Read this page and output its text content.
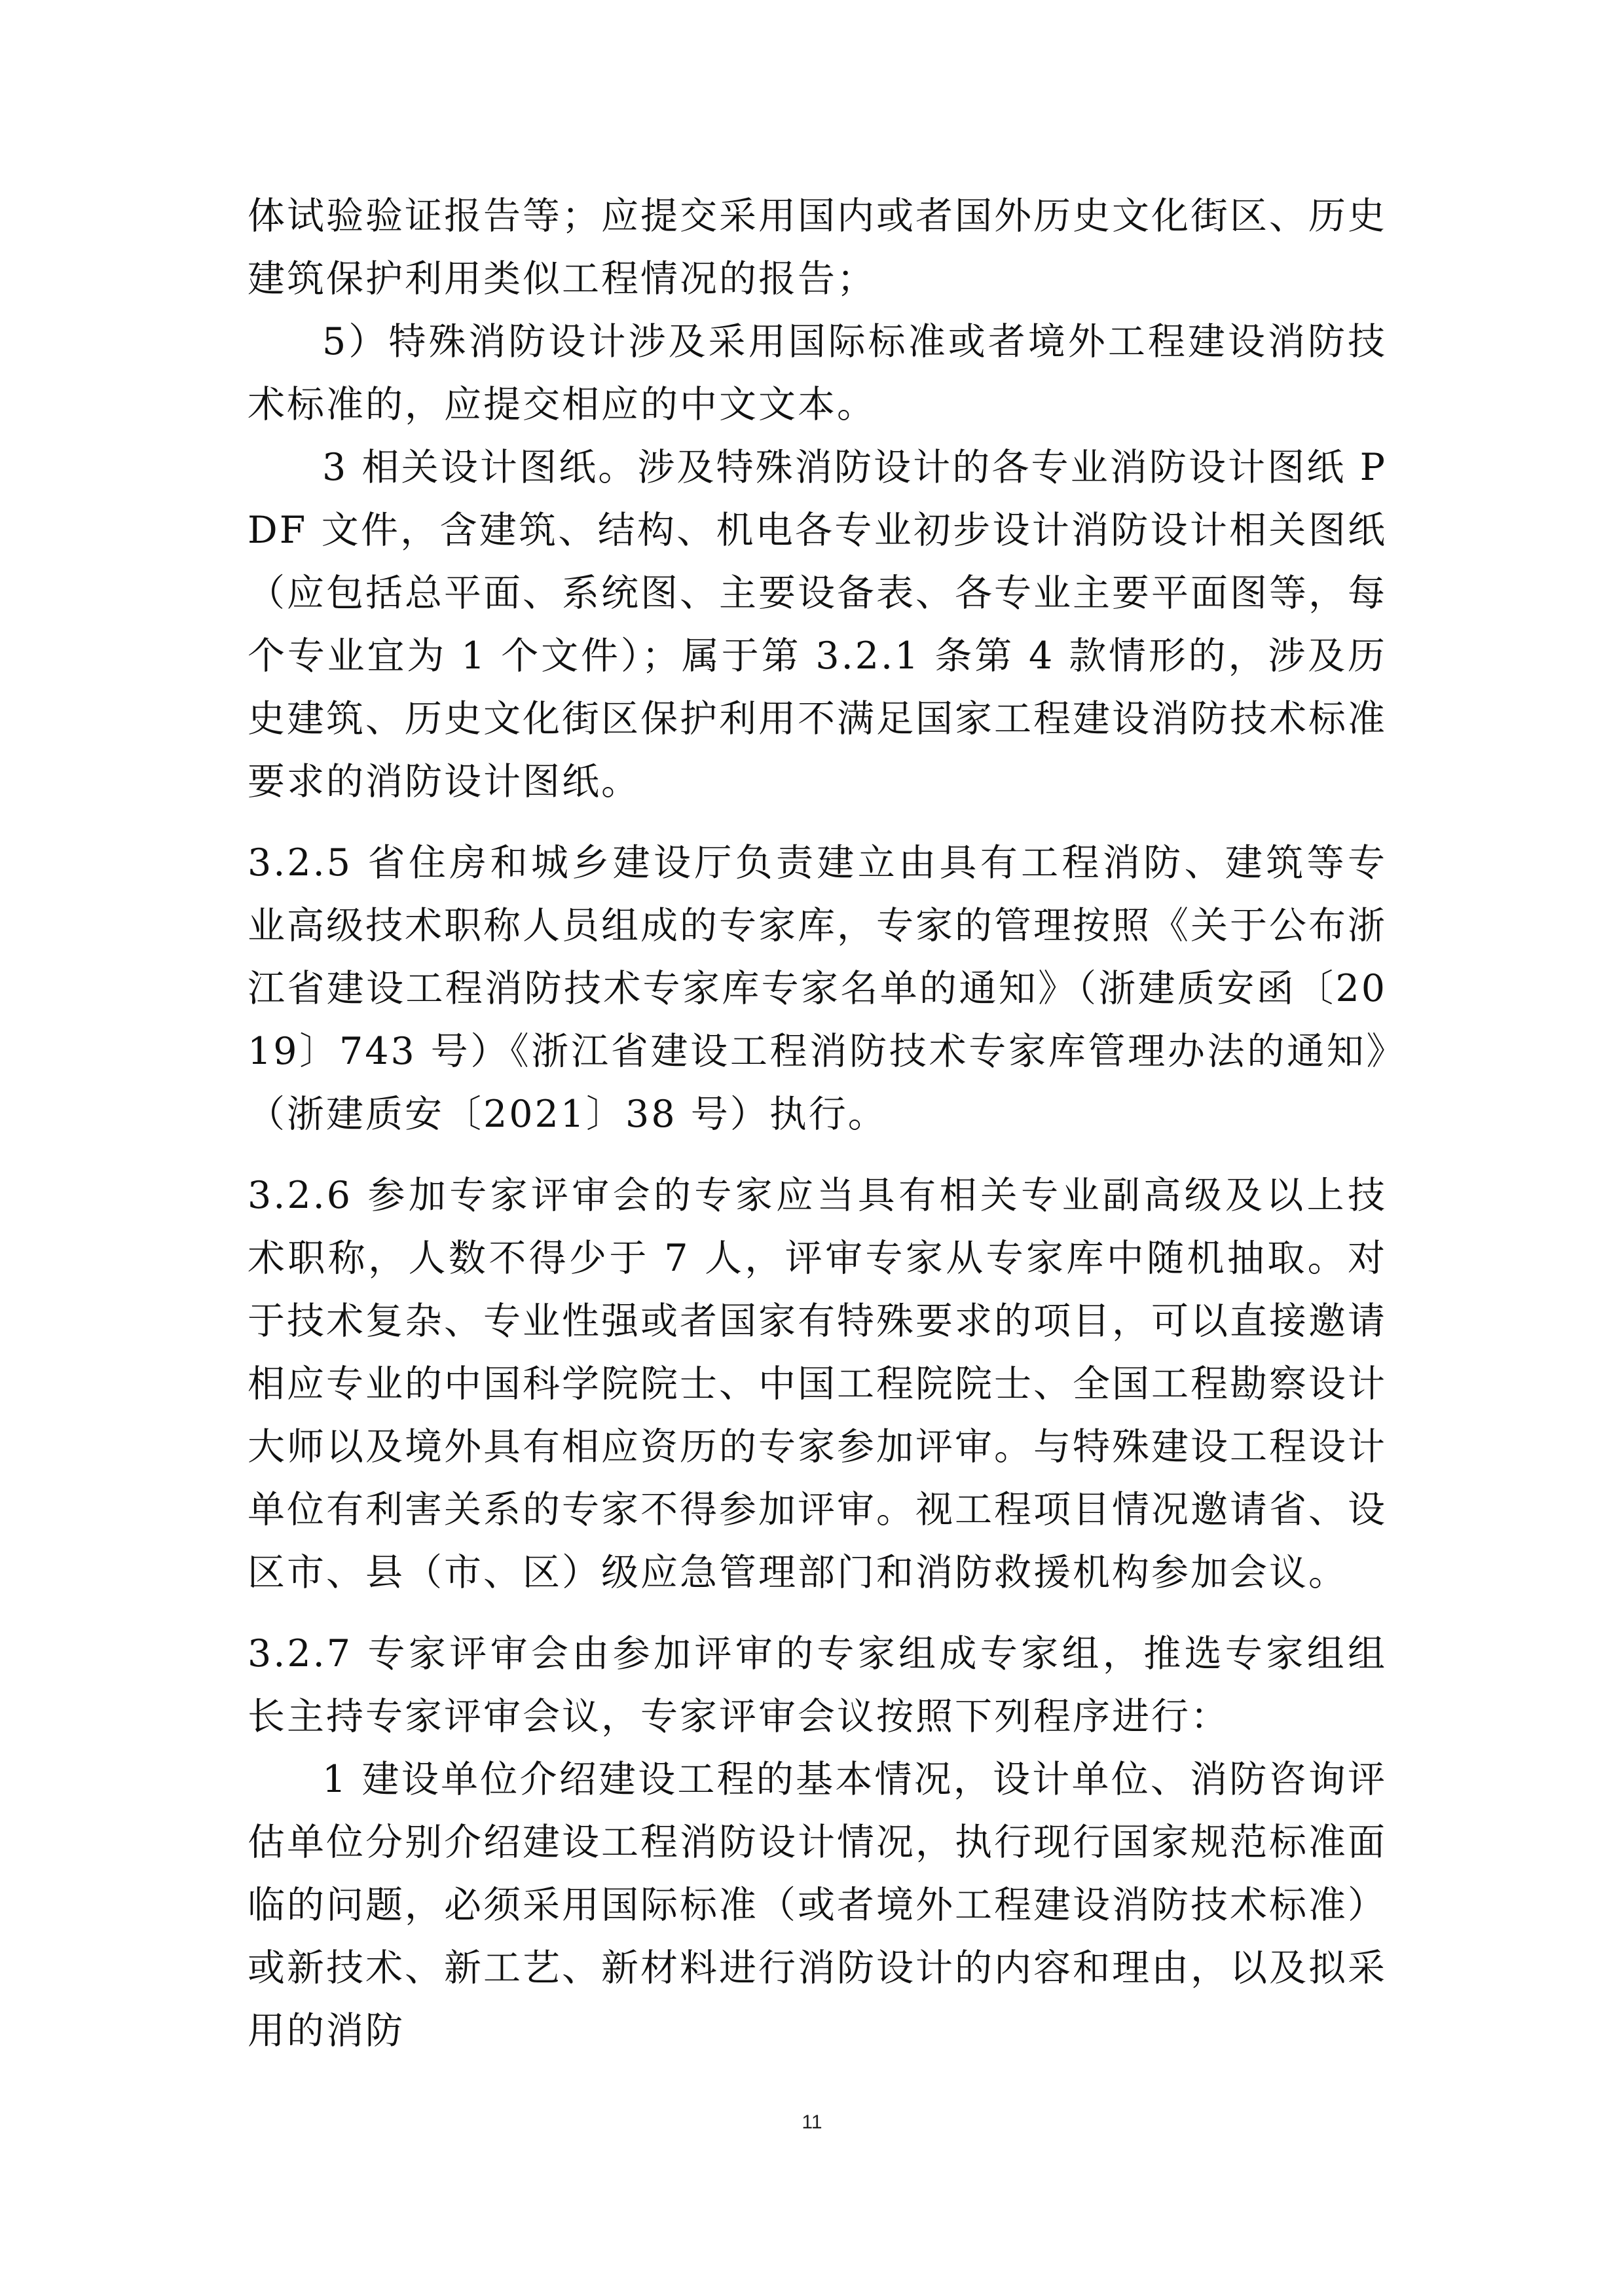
体试验验证报告等；应提交采用国内或者国外历史文化街区、历史建筑保护利用类似工程情况的报告；

5）特殊消防设计涉及采用国际标准或者境外工程建设消防技术标准的，应提交相应的中文文本。

3 相关设计图纸。涉及特殊消防设计的各专业消防设计图纸 PDF 文件，含建筑、结构、机电各专业初步设计消防设计相关图纸（应包括总平面、系统图、主要设备表、各专业主要平面图等，每个专业宜为 1 个文件）；属于第 3.2.1 条第 4 款情形的，涉及历史建筑、历史文化街区保护利用不满足国家工程建设消防技术标准要求的消防设计图纸。

3.2.5 省住房和城乡建设厅负责建立由具有工程消防、建筑等专业高级技术职称人员组成的专家库，专家的管理按照《关于公布浙江省建设工程消防技术专家库专家名单的通知》（浙建质安函〔2019〕743 号）《浙江省建设工程消防技术专家库管理办法的通知》（浙建质安〔2021〕38 号）执行。

3.2.6 参加专家评审会的专家应当具有相关专业副高级及以上技术职称，人数不得少于 7 人，评审专家从专家库中随机抽取。对于技术复杂、专业性强或者国家有特殊要求的项目，可以直接邀请相应专业的中国科学院院士、中国工程院院士、全国工程勘察设计大师以及境外具有相应资历的专家参加评审。与特殊建设工程设计单位有利害关系的专家不得参加评审。视工程项目情况邀请省、设区市、县（市、区）级应急管理部门和消防救援机构参加会议。

3.2.7 专家评审会由参加评审的专家组成专家组，推选专家组组长主持专家评审会议，专家评审会议按照下列程序进行：

1 建设单位介绍建设工程的基本情况，设计单位、消防咨询评估单位分别介绍建设工程消防设计情况，执行现行国家规范标准面临的问题，必须采用国际标准（或者境外工程建设消防技术标准）或新技术、新工艺、新材料进行消防设计的内容和理由，以及拟采用的消防

11
